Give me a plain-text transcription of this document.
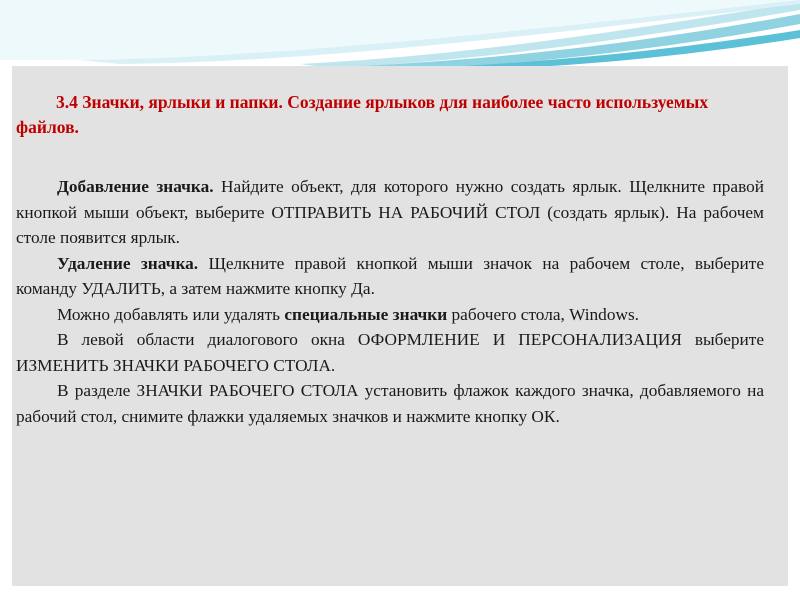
3.4 Значки, ярлыки и папки. Создание ярлыков для наиболее часто используемых файлов.

Добавление значка. Найдите объект, для которого нужно создать ярлык. Щелкните правой кнопкой мыши объект, выберите ОТПРАВИТЬ НА РАБОЧИЙ СТОЛ (создать ярлык). На рабочем столе появится ярлык.

Удаление значка. Щелкните правой кнопкой мыши значок на рабочем столе, выберите команду УДАЛИТЬ, а затем нажмите кнопку Да.

Можно добавлять или удалять специальные значки рабочего стола, Windows.

В левой области диалогового окна ОФОРМЛЕНИЕ И ПЕРСОНАЛИЗАЦИЯ выберите ИЗМЕНИТЬ ЗНАЧКИ РАБОЧЕГО СТОЛА.

В разделе ЗНАЧКИ РАБОЧЕГО СТОЛА установить флажок каждого значка, добавляемого на рабочий стол, снимите флажки удаляемых значков и нажмите кнопку ОК.
